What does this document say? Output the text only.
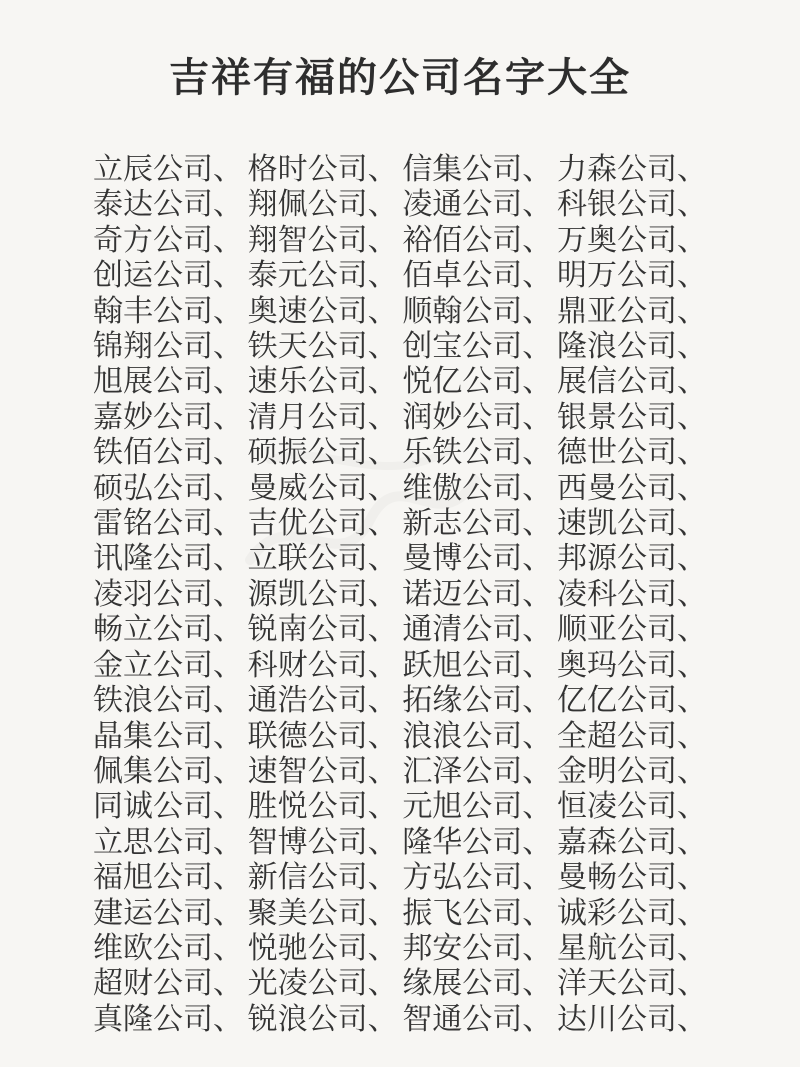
吉祥有福的公司名字大全
立辰公司、 格时公司、 信集公司、 力森公司、
泰达公司、 翔佩公司、 凌通公司、 科银公司、
奇方公司、 翔智公司、 裕佰公司、 万奥公司、
创运公司、 泰元公司、 佰卓公司、 明万公司、
翰丰公司、 奥速公司、 顺翰公司、 鼎亚公司、
锦翔公司、 铁天公司、 创宝公司、 隆浪公司、
旭展公司、 速乐公司、 悦亿公司、 展信公司、
嘉妙公司、 清月公司、 润妙公司、 银景公司、
铁佰公司、 硕振公司、 乐铁公司、 德世公司、
硕弘公司、 曼威公司、 维傲公司、 西曼公司、
雷铭公司、 吉优公司、 新志公司、 速凯公司、
讯隆公司、 立联公司、 曼博公司、 邦源公司、
凌羽公司、 源凯公司、 诺迈公司、 凌科公司、
畅立公司、 锐南公司、 通清公司、 顺亚公司、
金立公司、 科财公司、 跃旭公司、 奥玛公司、
铁浪公司、 通浩公司、 拓缘公司、 亿亿公司、
晶集公司、 联德公司、 浪浪公司、 全超公司、
佩集公司、 速智公司、 汇泽公司、 金明公司、
同诚公司、 胜悦公司、 元旭公司、 恒凌公司、
立思公司、 智博公司、 隆华公司、 嘉森公司、
福旭公司、 新信公司、 方弘公司、 曼畅公司、
建运公司、 聚美公司、 振飞公司、 诚彩公司、
维欧公司、 悦驰公司、 邦安公司、 星航公司、
超财公司、 光凌公司、 缘展公司、 洋天公司、
真隆公司、 锐浪公司、 智通公司、 达川公司、
